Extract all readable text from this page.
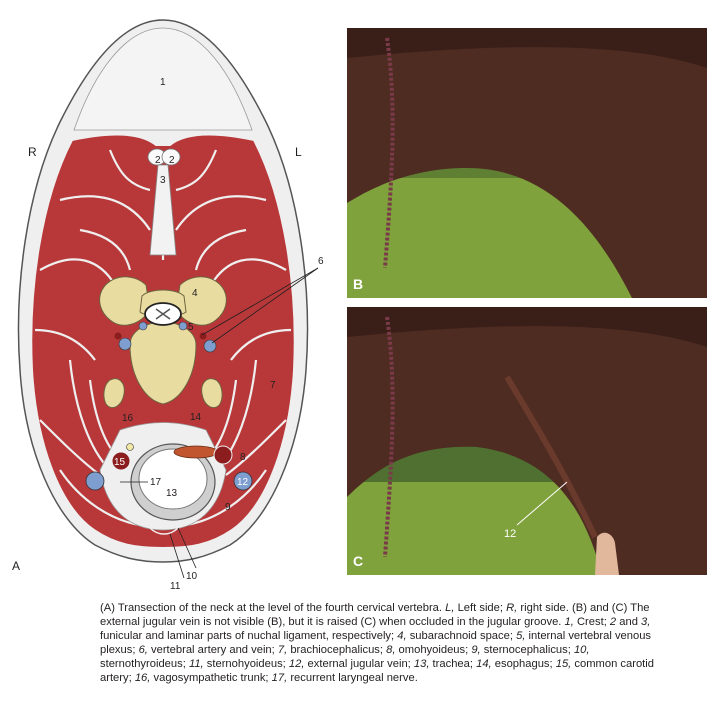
1
2 2
3
4
5
6
7
8
9
10
11
12
13
14
15
16
17
R	L
A
B
12
C

(A) Transection of the neck at the level of the fourth cervical vertebra. L, Left side; R, right side. (B) and (C) The external jugular vein is not visible (B), but it is raised (C) when occluded in the jugular groove. 1, Crest; 2 and 3, funicular and laminar parts of nuchal ligament, respectively; 4, subarachnoid space; 5, internal vertebral venous plexus; 6, vertebral artery and vein; 7, brachiocephalicus; 8, omohyoideus; 9, sternocephalicus; 10, sternothyroideus; 11, sternohyoideus; 12, external jugular vein; 13, trachea; 14, esophagus; 15, common carotid artery; 16, vagosympathetic trunk; 17, recurrent laryngeal nerve.
